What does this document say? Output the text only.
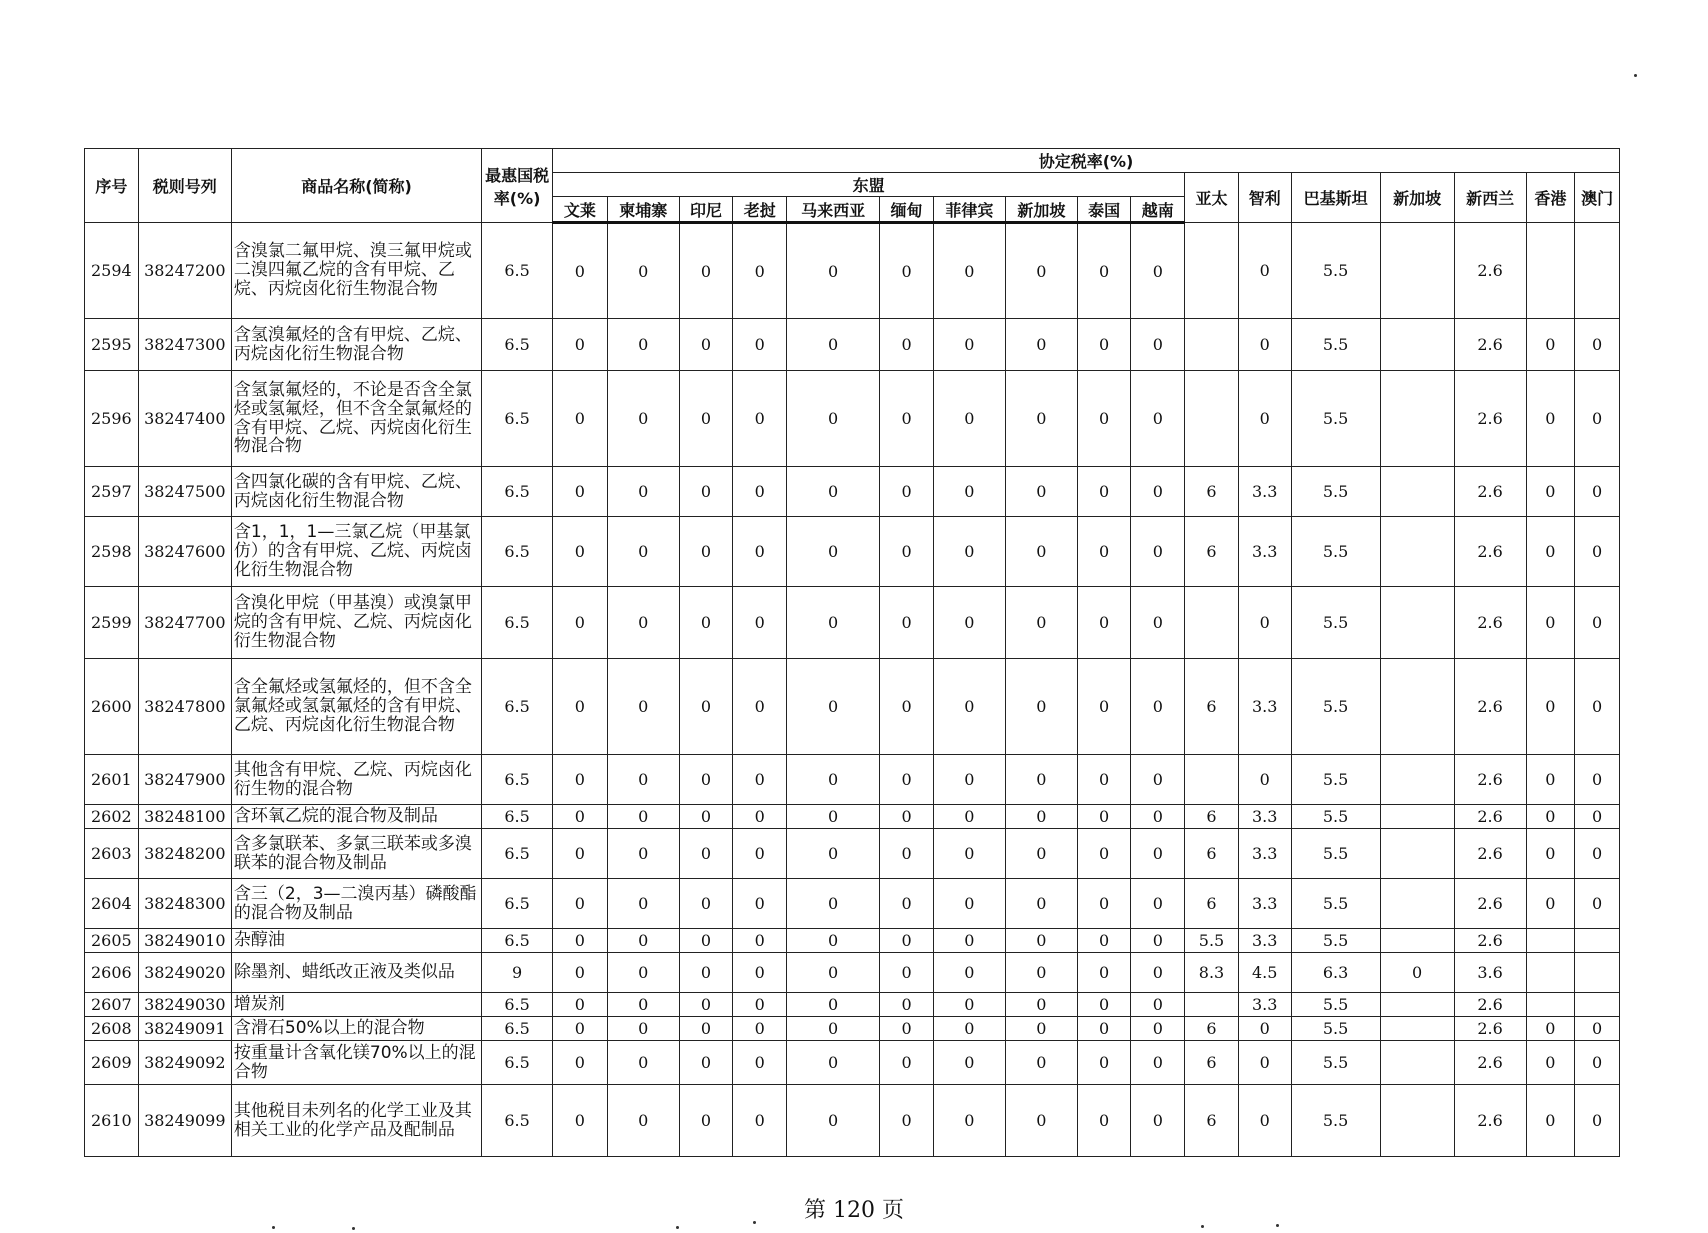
序号	税则号列	商品名称(简称)	最惠国税率(%)	协定税率(%)																
				东盟										亚太	智利	巴基斯坦	新加坡	新西兰	香港	澳门
				文莱	柬埔寨	印尼	老挝	马来西亚	缅甸	菲律宾	新加坡	泰国	越南							
2594	38247200	含溴氯二氟甲烷、溴三氟甲烷或二溴四氟乙烷的含有甲烷、乙烷、丙烷卤化衍生物混合物	6.5	0	0	0	0	0	0	0	0	0	0		0	5.5		2.6		
2595	38247300	含氢溴氟烃的含有甲烷、乙烷、丙烷卤化衍生物混合物	6.5	0	0	0	0	0	0	0	0	0	0		0	5.5		2.6	0	0
2596	38247400	含氢氯氟烃的，不论是否含全氯烃或氢氟烃，但不含全氯氟烃的含有甲烷、乙烷、丙烷卤化衍生物混合物	6.5	0	0	0	0	0	0	0	0	0	0		0	5.5		2.6	0	0
2597	38247500	含四氯化碳的含有甲烷、乙烷、丙烷卤化衍生物混合物	6.5	0	0	0	0	0	0	0	0	0	0	6	3.3	5.5		2.6	0	0
2598	38247600	含1，1，1—三氯乙烷（甲基氯仿）的含有甲烷、乙烷、丙烷卤化衍生物混合物	6.5	0	0	0	0	0	0	0	0	0	0	6	3.3	5.5		2.6	0	0
2599	38247700	含溴化甲烷（甲基溴）或溴氯甲烷的含有甲烷、乙烷、丙烷卤化衍生物混合物	6.5	0	0	0	0	0	0	0	0	0	0		0	5.5		2.6	0	0
2600	38247800	含全氟烃或氢氟烃的，但不含全氯氟烃或氢氯氟烃的含有甲烷、乙烷、丙烷卤化衍生物混合物	6.5	0	0	0	0	0	0	0	0	0	0	6	3.3	5.5		2.6	0	0
2601	38247900	其他含有甲烷、乙烷、丙烷卤化衍生物的混合物	6.5	0	0	0	0	0	0	0	0	0	0		0	5.5		2.6	0	0
2602	38248100	含环氧乙烷的混合物及制品	6.5	0	0	0	0	0	0	0	0	0	0	6	3.3	5.5		2.6	0	0
2603	38248200	含多氯联苯、多氯三联苯或多溴联苯的混合物及制品	6.5	0	0	0	0	0	0	0	0	0	0	6	3.3	5.5		2.6	0	0
2604	38248300	含三（2，3—二溴丙基）磷酸酯的混合物及制品	6.5	0	0	0	0	0	0	0	0	0	0	6	3.3	5.5		2.6	0	0
2605	38249010	杂醇油	6.5	0	0	0	0	0	0	0	0	0	0	5.5	3.3	5.5		2.6		
2606	38249020	除墨剂、蜡纸改正液及类似品	9	0	0	0	0	0	0	0	0	0	0	8.3	4.5	6.3	0	3.6		
2607	38249030	增炭剂	6.5	0	0	0	0	0	0	0	0	0	0		3.3	5.5		2.6		
2608	38249091	含滑石50%以上的混合物	6.5	0	0	0	0	0	0	0	0	0	0	6	0	5.5		2.6	0	0
2609	38249092	按重量计含氧化镁70%以上的混合物	6.5	0	0	0	0	0	0	0	0	0	0	6	0	5.5		2.6	0	0
2610	38249099	其他税目未列名的化学工业及其相关工业的化学产品及配制品	6.5	0	0	0	0	0	0	0	0	0	0	6	0	5.5		2.6	0	0
第 120 页
